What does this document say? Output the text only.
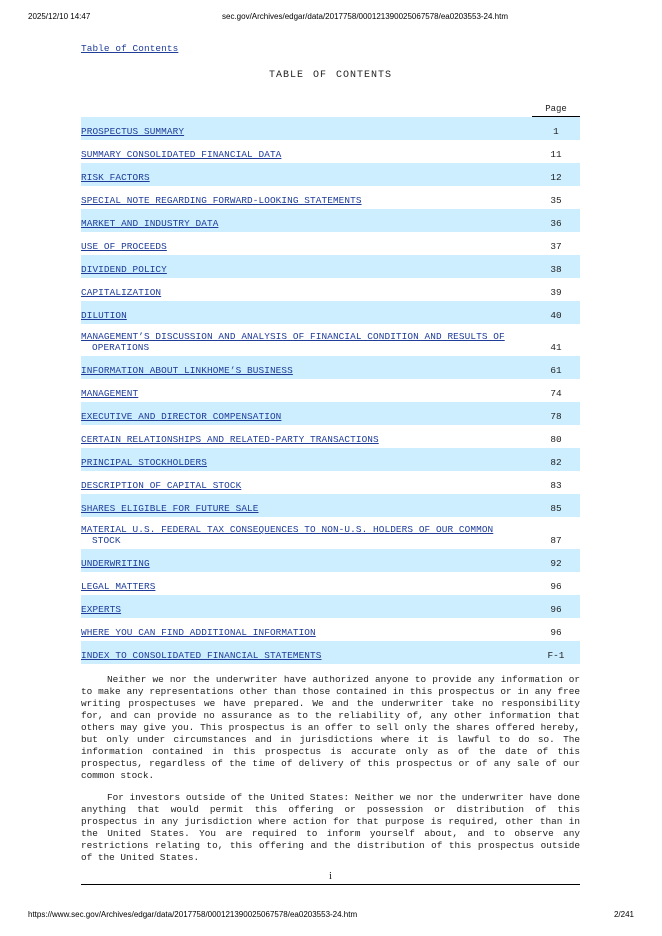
2025/12/10 14:47	sec.gov/Archives/edgar/data/2017758/000121390025067578/ea0203553-24.htm
Table of Contents
TABLE OF CONTENTS

	Page

PROSPECTUS SUMMARY	1
SUMMARY CONSOLIDATED FINANCIAL DATA	11
RISK FACTORS	12
SPECIAL NOTE REGARDING FORWARD-LOOKING STATEMENTS	35
MARKET AND INDUSTRY DATA	36
USE OF PROCEEDS	37
DIVIDEND POLICY	38
CAPITALIZATION	39
DILUTION	40
MANAGEMENT’S DISCUSSION AND ANALYSIS OF FINANCIAL CONDITION AND RESULTS OF
OPERATIONS	41
INFORMATION ABOUT LINKHOME’S BUSINESS	61
MANAGEMENT	74
EXECUTIVE AND DIRECTOR COMPENSATION	78
CERTAIN RELATIONSHIPS AND RELATED-PARTY TRANSACTIONS	80
PRINCIPAL STOCKHOLDERS	82
DESCRIPTION OF CAPITAL STOCK	83
SHARES ELIGIBLE FOR FUTURE SALE	85
MATERIAL U.S. FEDERAL TAX CONSEQUENCES TO NON-U.S. HOLDERS OF OUR COMMON
STOCK	87
UNDERWRITING	92
LEGAL MATTERS	96
EXPERTS	96
WHERE YOU CAN FIND ADDITIONAL INFORMATION	96
INDEX TO CONSOLIDATED FINANCIAL STATEMENTS	F-1

Neither we nor the underwriter have authorized anyone to provide any information or to make any representations other than those contained in this prospectus or in any free writing prospectuses we have prepared. We and the underwriter take no responsibility for, and can provide no assurance as to the reliability of, any other information that others may give you. This prospectus is an offer to sell only the shares offered hereby, but only under circumstances and in jurisdictions where it is lawful to do so. The information contained in this prospectus is accurate only as of the date of this prospectus, regardless of the time of delivery of this prospectus or of any sale of our common stock.

For investors outside of the United States: Neither we nor the underwriter have done anything that would permit this offering or possession or distribution of this prospectus in any jurisdiction where action for that purpose is required, other than in the United States. You are required to inform yourself about, and to observe any restrictions relating to, this offering and the distribution of this prospectus outside of the United States.

i
https://www.sec.gov/Archives/edgar/data/2017758/000121390025067578/ea0203553-24.htm	2/241
